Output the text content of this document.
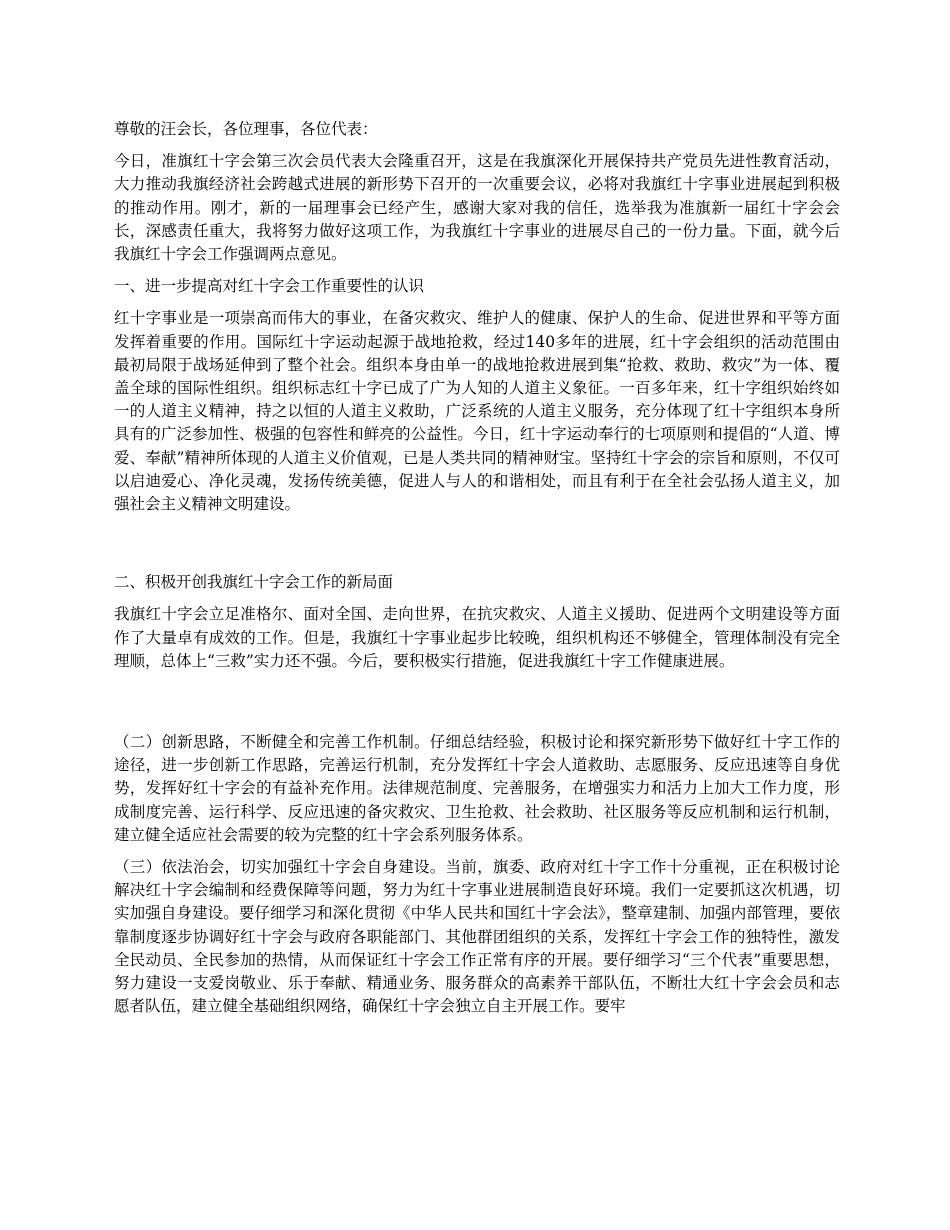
尊敬的汪会长，各位理事，各位代表：

今日，准旗红十字会第三次会员代表大会隆重召开，这是在我旗深化开展保持共产党员先进性教育活动，大力推动我旗经济社会跨越式进展的新形势下召开的一次重要会议，必将对我旗红十字事业进展起到积极的推动作用。刚才，新的一届理事会已经产生，感谢大家对我的信任，选举我为准旗新一届红十字会会长，深感责任重大，我将努力做好这项工作，为我旗红十字事业的进展尽自己的一份力量。下面，就今后我旗红十字会工作强调两点意见。

一、进一步提高对红十字会工作重要性的认识

红十字事业是一项崇高而伟大的事业，在备灾救灾、维护人的健康、保护人的生命、促进世界和平等方面发挥着重要的作用。国际红十字运动起源于战地抢救，经过140多年的进展，红十字会组织的活动范围由最初局限于战场延伸到了整个社会。组织本身由单一的战地抢救进展到集“抢救、救助、救灾”为一体、覆盖全球的国际性组织。组织标志红十字已成了广为人知的人道主义象征。一百多年来，红十字组织始终如一的人道主义精神，持之以恒的人道主义救助，广泛系统的人道主义服务，充分体现了红十字组织本身所具有的广泛参加性、极强的包容性和鲜亮的公益性。今日，红十字运动奉行的七项原则和提倡的“人道、博爱、奉献”精神所体现的人道主义价值观，已是人类共同的精神财宝。坚持红十字会的宗旨和原则，不仅可以启迪爱心、净化灵魂，发扬传统美德，促进人与人的和谐相处，而且有利于在全社会弘扬人道主义，加强社会主义精神文明建设。

二、积极开创我旗红十字会工作的新局面

我旗红十字会立足准格尔、面对全国、走向世界，在抗灾救灾、人道主义援助、促进两个文明建设等方面作了大量卓有成效的工作。但是，我旗红十字事业起步比较晚，组织机构还不够健全，管理体制没有完全理顺，总体上“三救”实力还不强。今后，要积极实行措施，促进我旗红十字工作健康进展。

（二）创新思路，不断健全和完善工作机制。仔细总结经验，积极讨论和探究新形势下做好红十字工作的途径，进一步创新工作思路，完善运行机制，充分发挥红十字会人道救助、志愿服务、反应迅速等自身优势，发挥好红十字会的有益补充作用。法律规范制度、完善服务，在增强实力和活力上加大工作力度，形成制度完善、运行科学、反应迅速的备灾救灾、卫生抢救、社会救助、社区服务等反应机制和运行机制，建立健全适应社会需要的较为完整的红十字会系列服务体系。

（三）依法治会，切实加强红十字会自身建设。当前，旗委、政府对红十字工作十分重视，正在积极讨论解决红十字会编制和经费保障等问题，努力为红十字事业进展制造良好环境。我们一定要抓这次机遇，切实加强自身建设。要仔细学习和深化贯彻《中华人民共和国红十字会法》，整章建制、加强内部管理，要依靠制度逐步协调好红十字会与政府各职能部门、其他群团组织的关系，发挥红十字会工作的独特性，激发全民动员、全民参加的热情，从而保证红十字会工作正常有序的开展。要仔细学习“三个代表”重要思想，努力建设一支爱岗敬业、乐于奉献、精通业务、服务群众的高素养干部队伍，不断壮大红十字会会员和志愿者队伍，建立健全基础组织网络，确保红十字会独立自主开展工作。要牢
